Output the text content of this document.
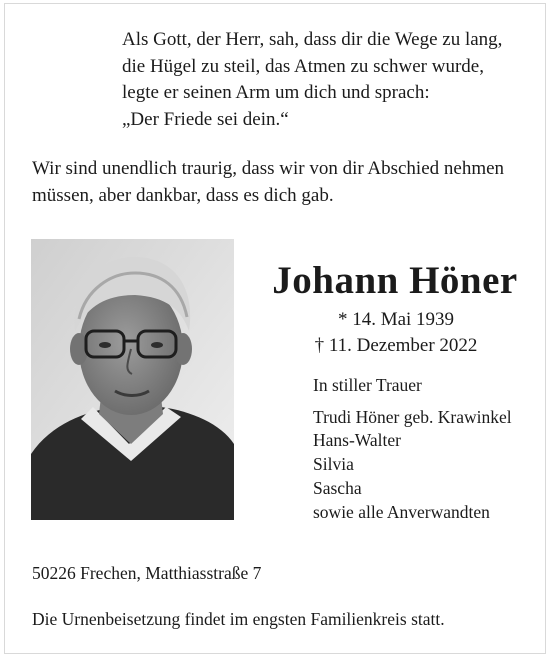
Als Gott, der Herr, sah, dass dir die Wege zu lang,
die Hügel zu steil, das Atmen zu schwer wurde,
legte er seinen Arm um dich und sprach:
„Der Friede sei dein.“
Wir sind unendlich traurig, dass wir von dir Abschied nehmen
müssen, aber dankbar, dass es dich gab.
Johann Höner
* 14. Mai 1939
† 11. Dezember 2022
In stiller Trauer
Trudi Höner geb. Krawinkel
Hans-Walter
Silvia
Sascha
sowie alle Anverwandten
50226 Frechen, Matthiasstraße 7
Die Urnenbeisetzung findet im engsten Familienkreis statt.
